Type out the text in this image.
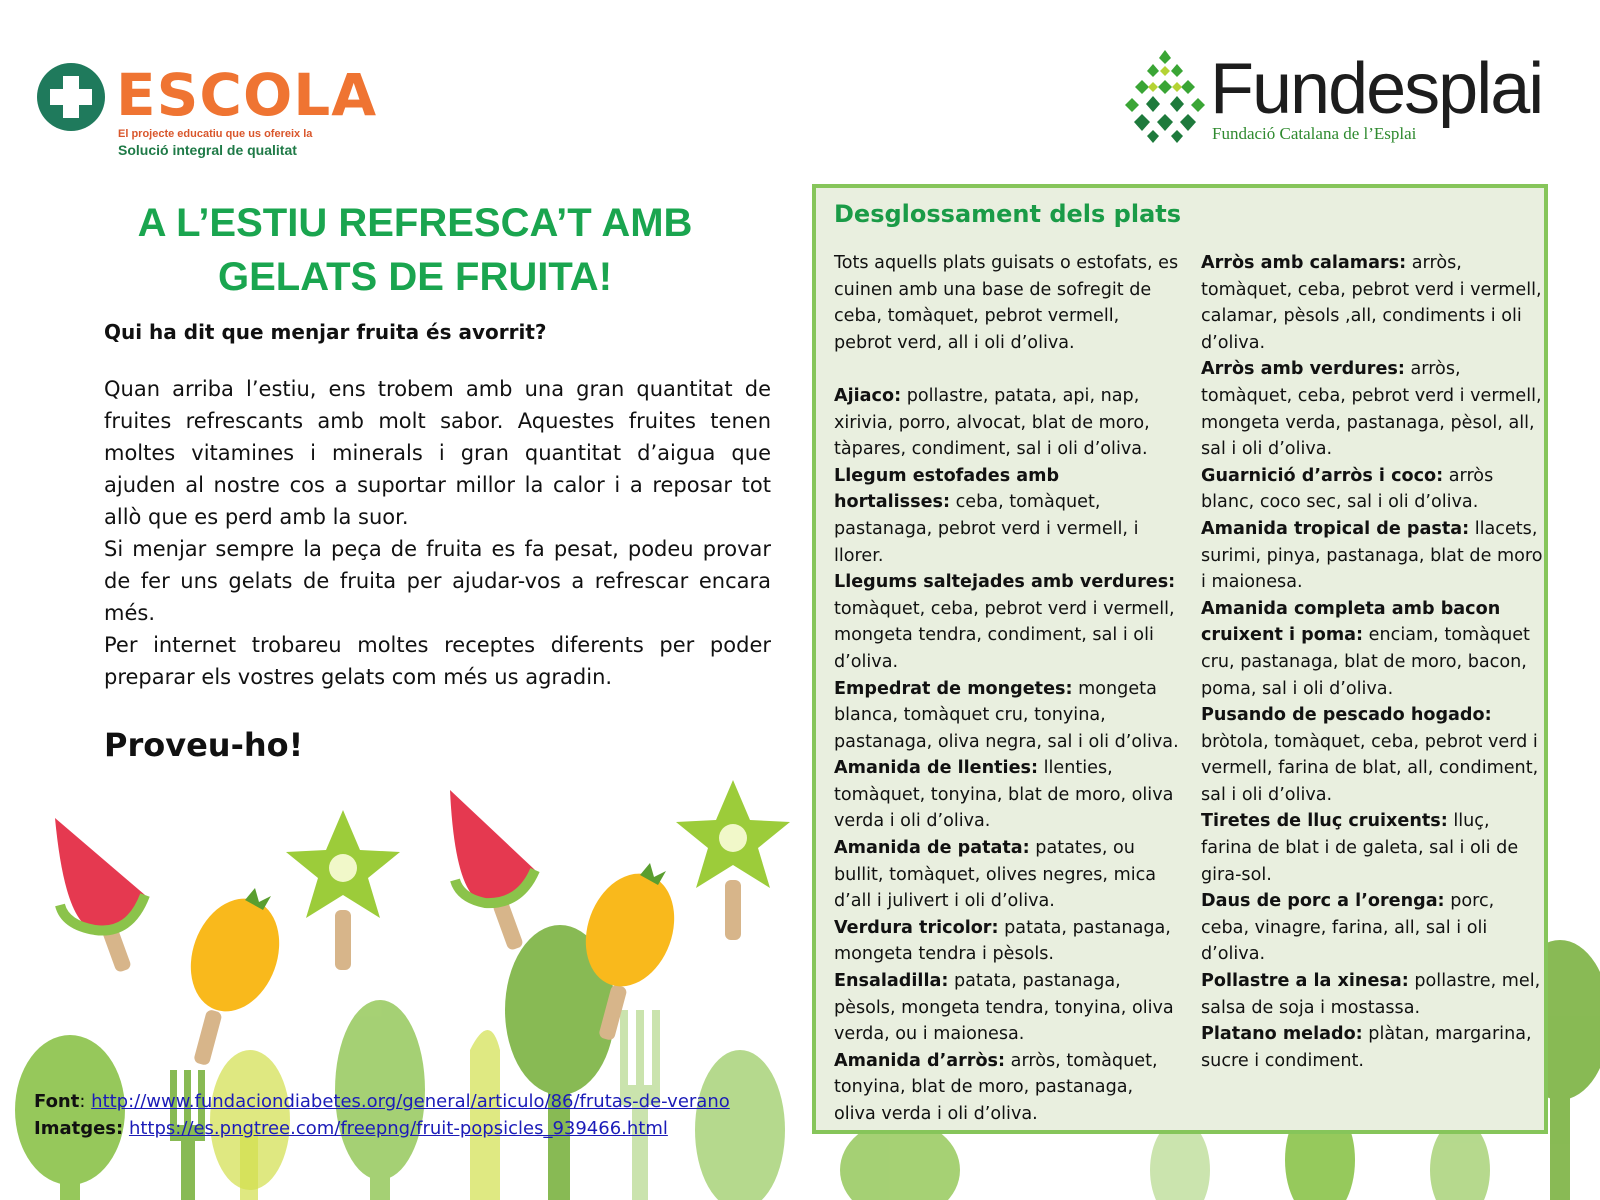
ESCOLA
El projecte educatiu que us ofereix la
Solució integral de qualitat
Fundesplai
Fundació Catalana de l’Esplai
A L’ESTIU REFRESCA’T AMB
GELATS DE FRUITA!
Qui ha dit que menjar fruita és avorrit?

Quan arriba l’estiu, ens trobem amb una gran quantitat de fruites refrescants amb molt sabor. Aquestes fruites tenen moltes vitamines i minerals i gran quantitat d’aigua que ajuden al nostre cos a suportar millor la calor i a reposar tot allò que es perd amb la suor.

Si menjar sempre la peça de fruita es fa pesat, podeu provar de fer uns gelats de fruita per ajudar-vos a refrescar encara més.

Per internet trobareu moltes receptes diferents per poder preparar els vostres gelats com més us agradin.

Proveu-ho!
Font: http://www.fundaciondiabetes.org/general/articulo/86/frutas-de-verano
Imatges: https://es.pngtree.com/freepng/fruit-popsicles_939466.html
Desglossament dels plats

Tots aquells plats guisats o estofats, es cuinen amb una base de sofregit de ceba, tomàquet, pebrot vermell, pebrot verd, all i oli d’oliva.

Ajiaco: pollastre, patata, api, nap, xirivia, porro, alvocat, blat de moro, tàpares, condiment, sal i oli d’oliva.

Llegum estofades amb hortalisses: ceba, tomàquet, pastanaga, pebrot verd i vermell, i llorer.

Llegums saltejades amb verdures: tomàquet, ceba, pebrot verd i vermell, mongeta tendra, condiment, sal i oli d’oliva.

Empedrat de mongetes: mongeta blanca, tomàquet cru, tonyina, pastanaga, oliva negra, sal i oli d’oliva.

Amanida de llenties: llenties, tomàquet, tonyina, blat de moro, oliva verda i oli d’oliva.

Amanida de patata: patates, ou bullit, tomàquet, olives negres, mica d’all i julivert i oli d’oliva.

Verdura tricolor: patata, pastanaga, mongeta tendra i pèsols.

Ensaladilla: patata, pastanaga, pèsols, mongeta tendra, tonyina, oliva verda, ou i maionesa.

Amanida d’arròs: arròs, tomàquet, tonyina, blat de moro, pastanaga, oliva verda i oli d’oliva.

Arròs amb calamars: arròs, tomàquet, ceba, pebrot verd i vermell, calamar, pèsols ,all, condiments i oli d’oliva.

Arròs amb verdures: arròs, tomàquet, ceba, pebrot verd i vermell, mongeta verda, pastanaga, pèsol, all, sal i oli d’oliva.

Guarnició d’arròs i coco: arròs blanc, coco sec, sal i oli d’oliva.

Amanida tropical de pasta: llacets, surimi, pinya, pastanaga, blat de moro i maionesa.

Amanida completa amb bacon cruixent i poma: enciam, tomàquet cru, pastanaga, blat de moro, bacon, poma, sal i oli d’oliva.

Pusando de pescado hogado: bròtola, tomàquet, ceba, pebrot verd i vermell, farina de blat, all, condiment, sal i oli d’oliva.

Tiretes de lluç cruixents: lluç, farina de blat i de galeta, sal i oli de gira-sol.

Daus de porc a l’orenga: porc, ceba, vinagre, farina, all, sal i oli d’oliva.

Pollastre a la xinesa: pollastre, mel, salsa de soja i mostassa.

Platano melado: plàtan, margarina, sucre i condiment.
